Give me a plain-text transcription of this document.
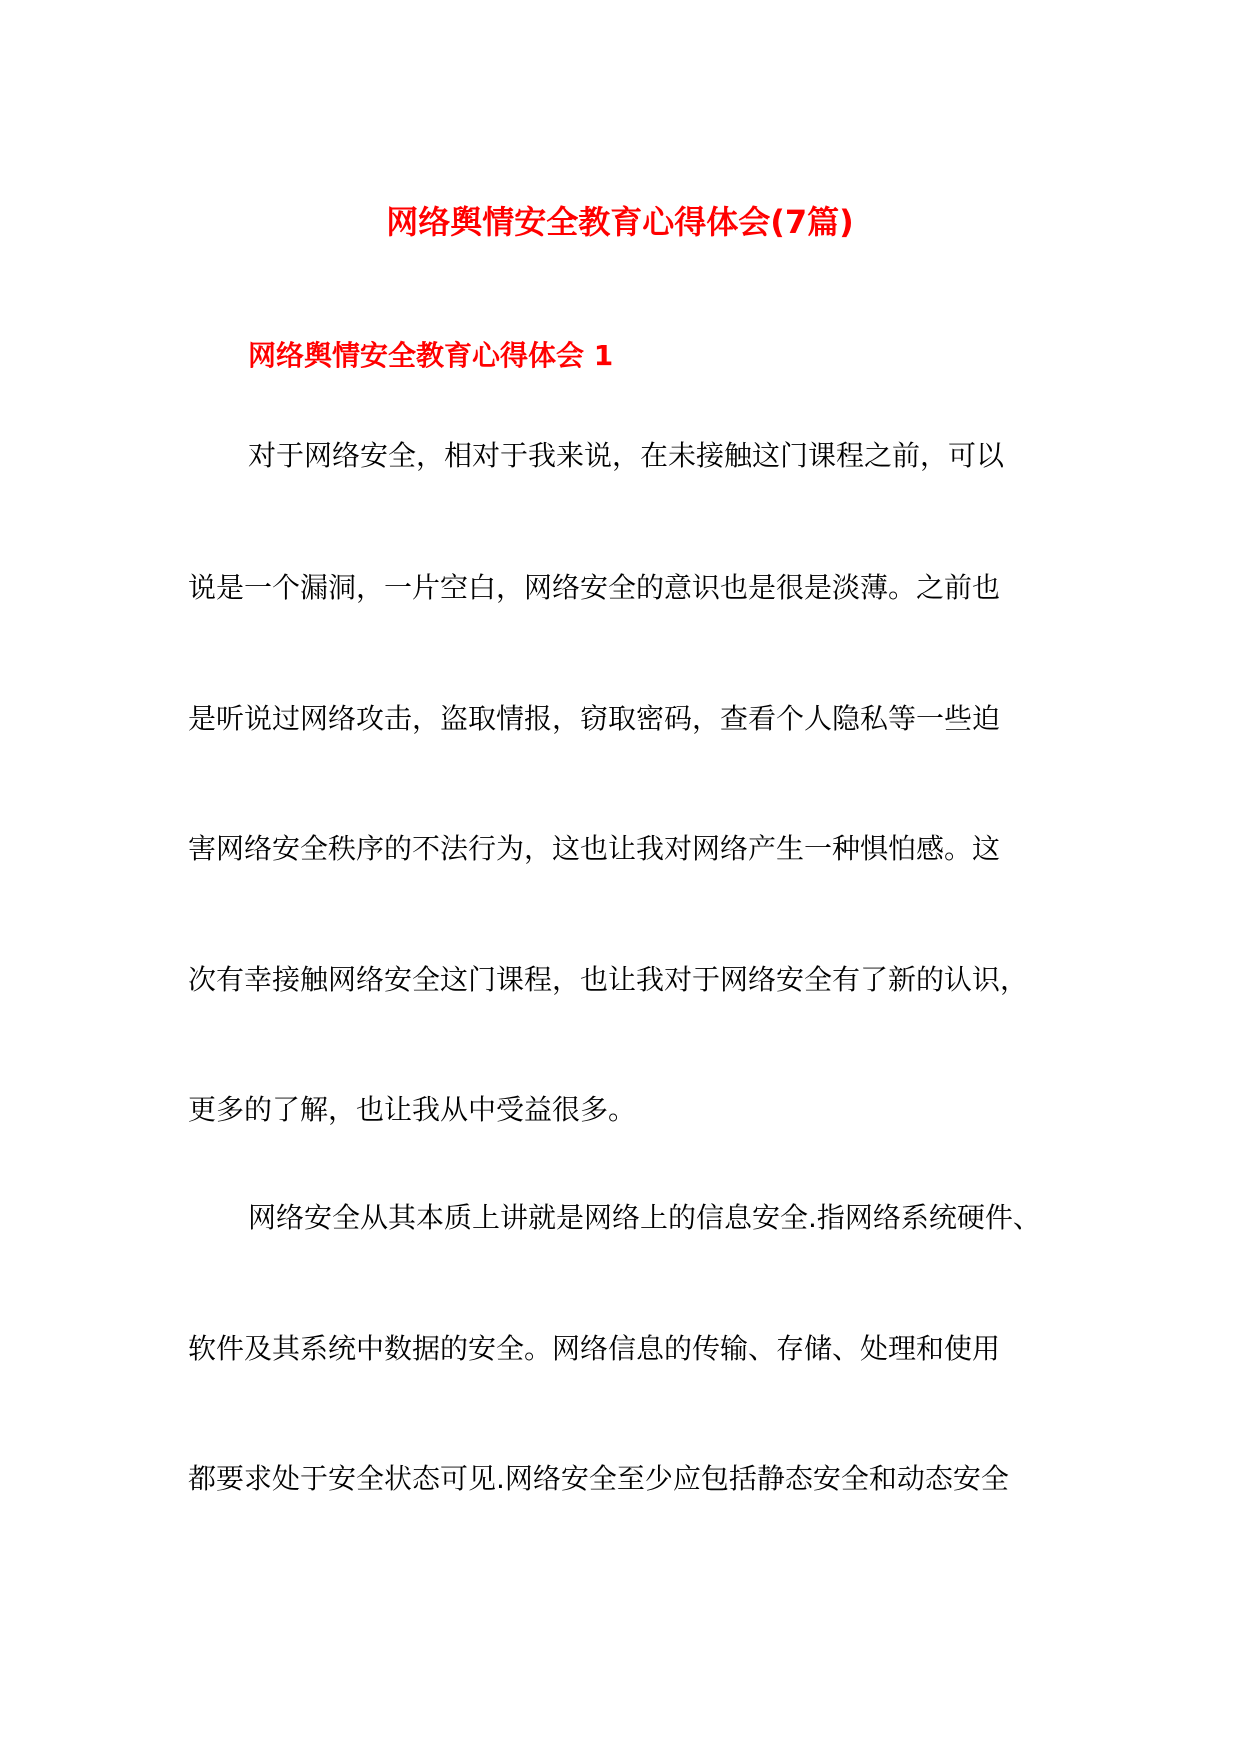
网络舆情安全教育心得体会(7篇)
网络舆情安全教育心得体会 1
对于网络安全，相对于我来说，在未接触这门课程之前，可以
说是一个漏洞，一片空白，网络安全的意识也是很是淡薄。之前也
是听说过网络攻击，盗取情报，窃取密码，查看个人隐私等一些迫
害网络安全秩序的不法行为，这也让我对网络产生一种惧怕感。这
次有幸接触网络安全这门课程，也让我对于网络安全有了新的认识，
更多的了解，也让我从中受益很多。
网络安全从其本质上讲就是网络上的信息安全.指网络系统硬件、
软件及其系统中数据的安全。网络信息的传输、存储、处理和使用
都要求处于安全状态可见.网络安全至少应包括静态安全和动态安全
